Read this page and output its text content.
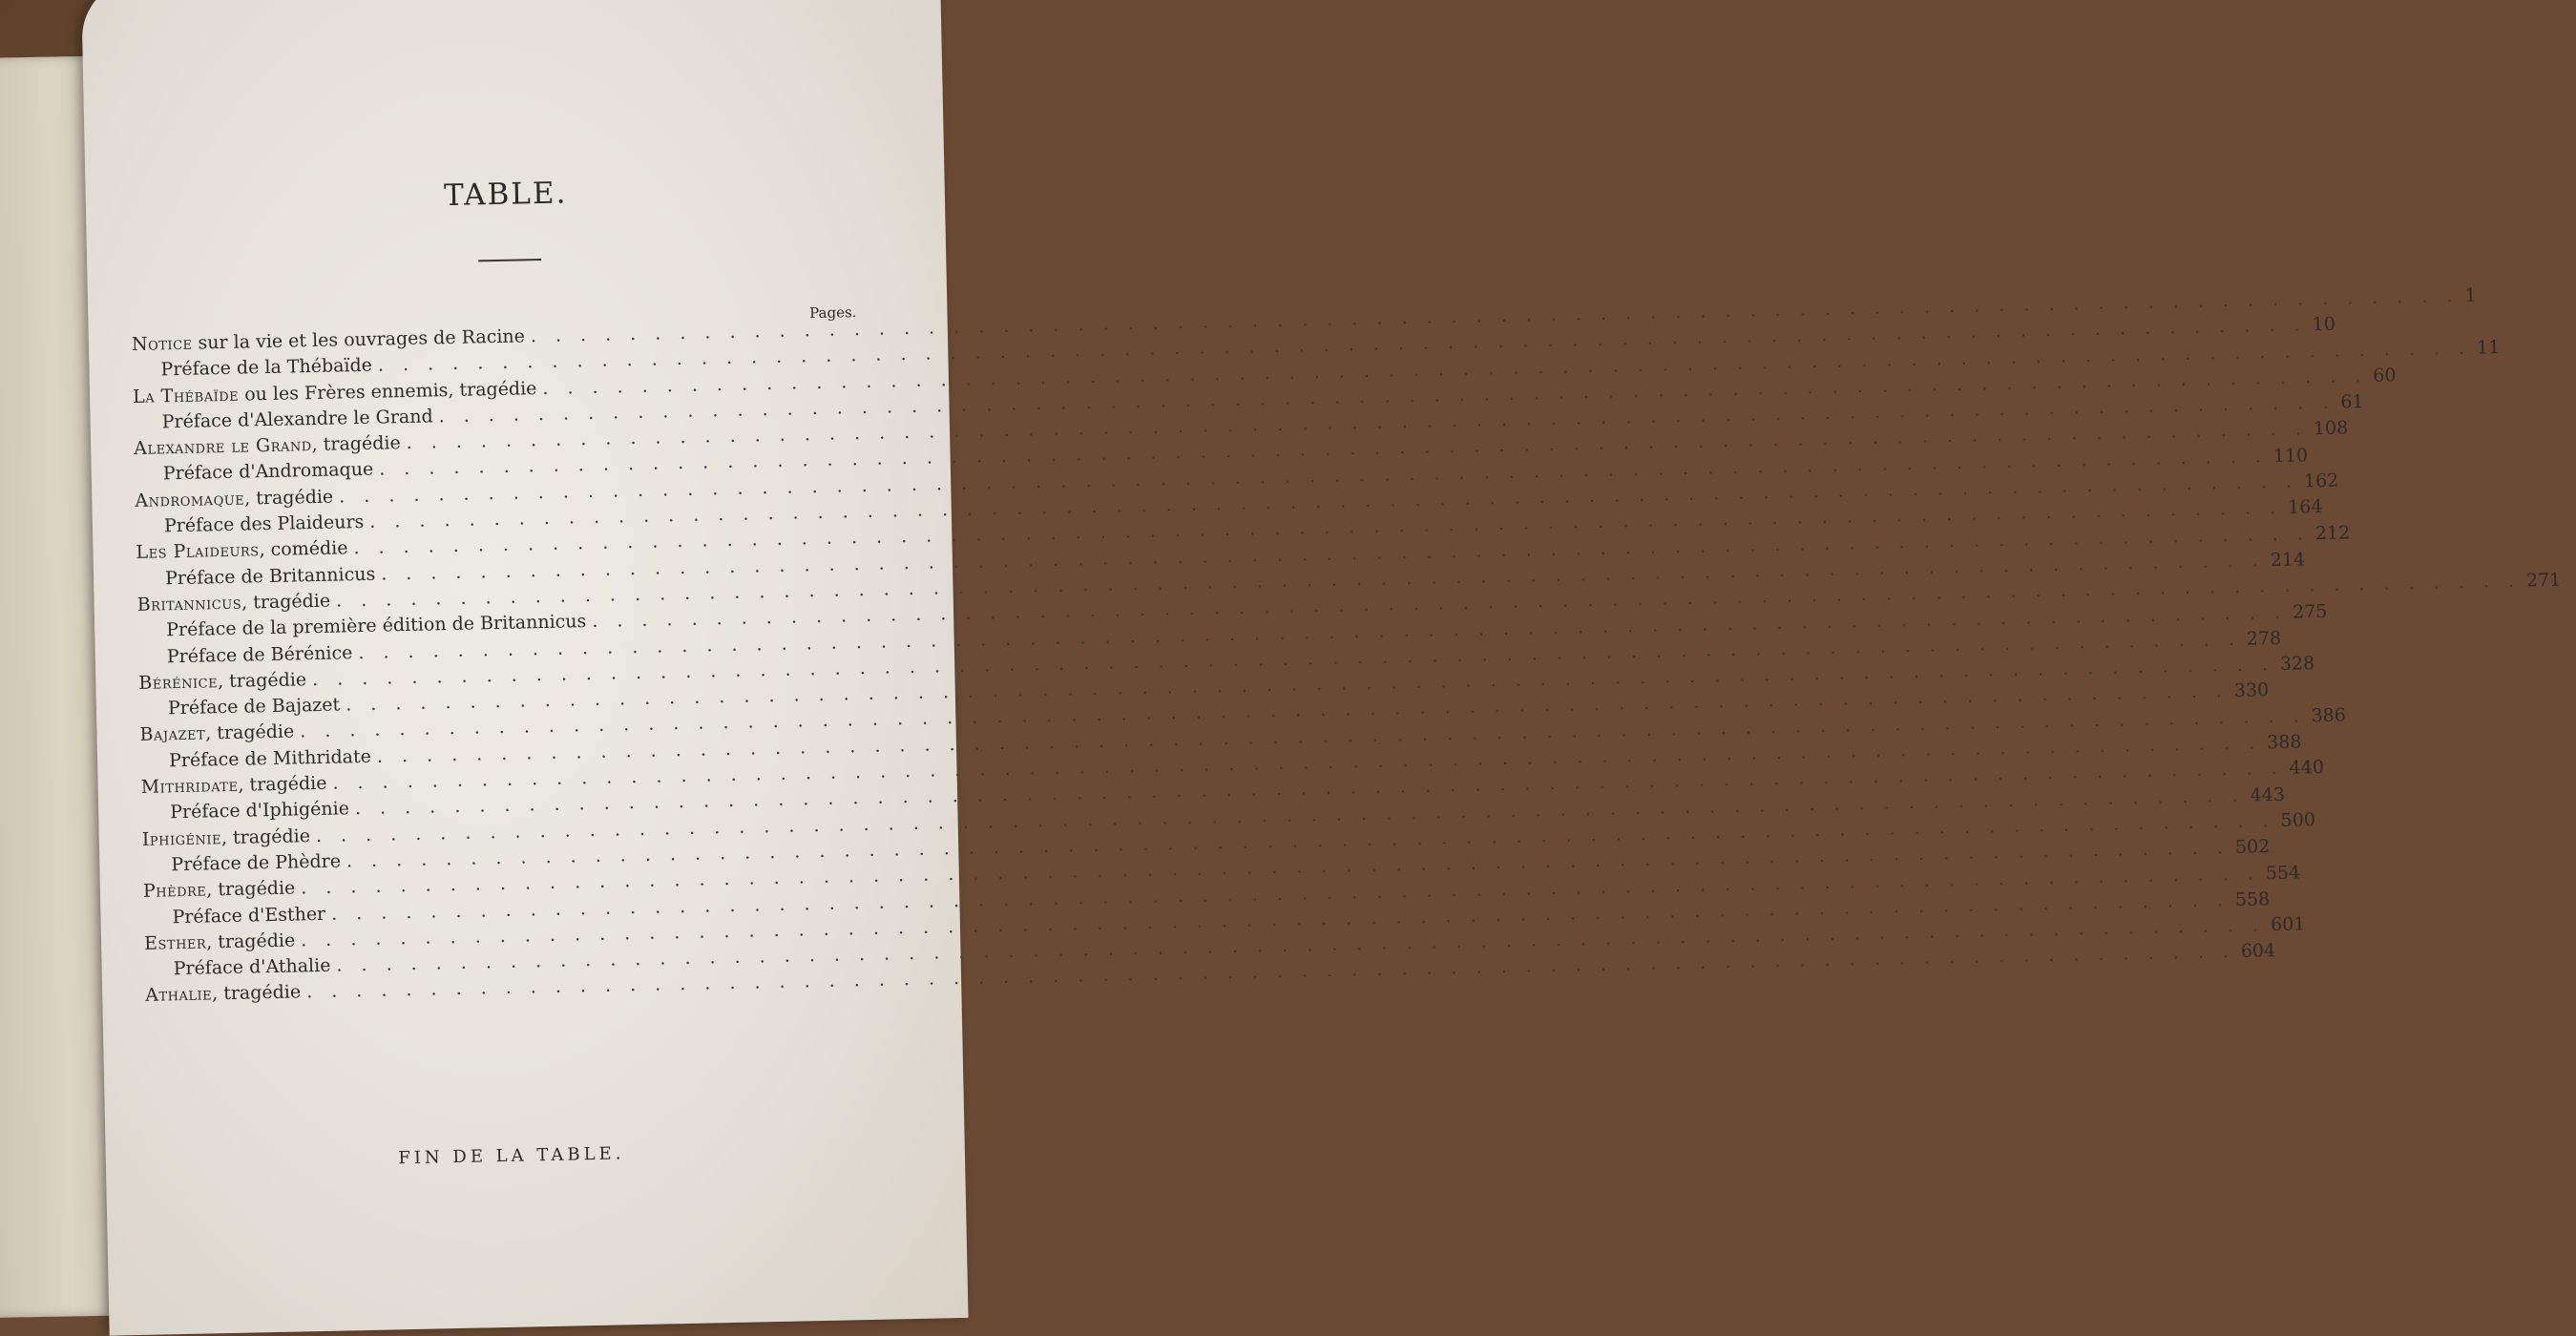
TABLE.
Pages.
Notice sur la vie et les ouvrages de Racine
. . .
1
Préface de la Thébaïde
. . .
10
La Thébaïde ou les Frères ennemis, tragédie
. . .
11
Préface d'Alexandre le Grand
. . .
60
Alexandre le Grand, tragédie
. . .
61
Préface d'Andromaque
. . .
108
Andromaque, tragédie
. . .
110
Préface des Plaideurs
. . .
162
Les Plaideurs, comédie
. . .
164
Préface de Britannicus
. . .
212
Britannicus, tragédie
. . .
214
Préface de la première édition de Britannicus
. . .
271
Préface de Bérénice
. . .
275
Bérénice, tragédie
. . .
278
Préface de Bajazet
. . .
328
Bajazet, tragédie
. . .
330
Préface de Mithridate
. . .
386
Mithridate, tragédie
. . .
388
Préface d'Iphigénie
. . .
440
Iphigénie, tragédie
. . .
443
Préface de Phèdre
. . .
500
Phèdre, tragédie
. . .
502
Préface d'Esther
. . .
554
Esther, tragédie
. . .
558
Préface d'Athalie
. . .
601
Athalie, tragédie
. . .
604
FIN DE LA TABLE.
